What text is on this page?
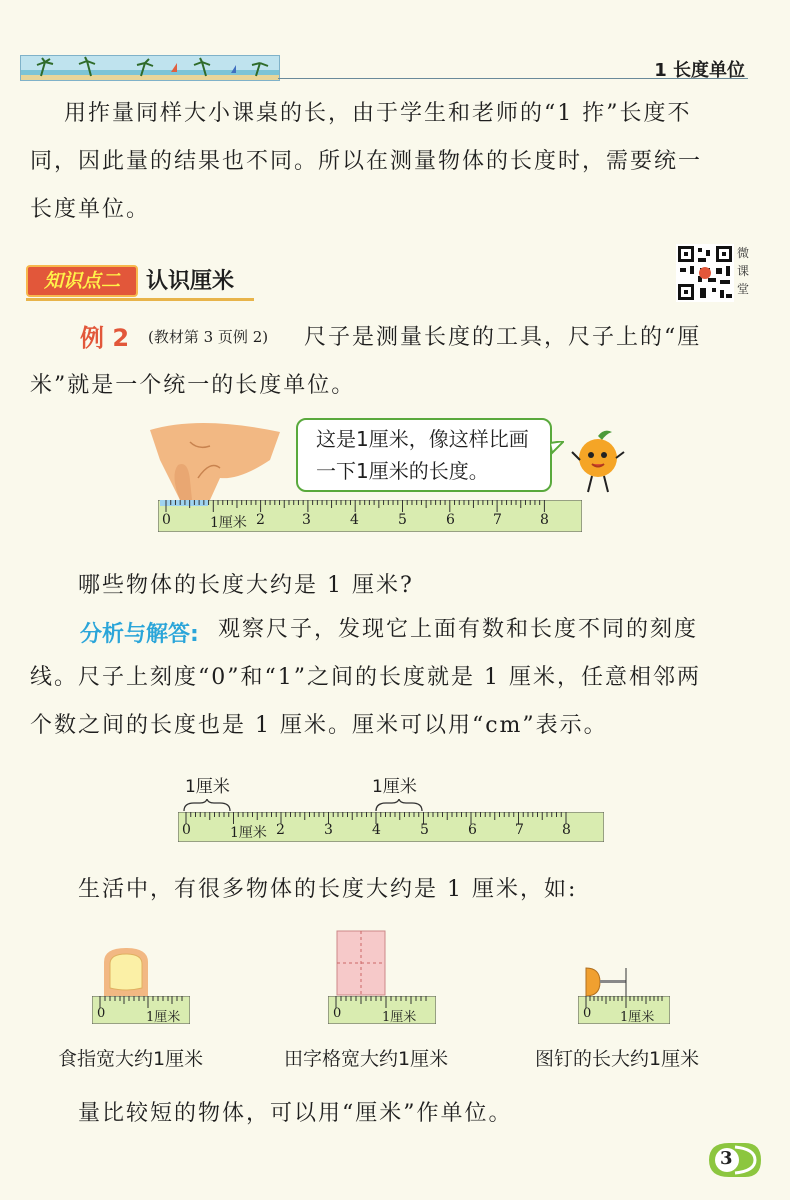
1 长度单位
用拃量同样大小课桌的长，由于学生和老师的“1 拃”长度不
同，因此量的结果也不同。所以在测量物体的长度时，需要统一
长度单位。
知识点二	认识厘米
微课堂
例 2 (教材第 3 页例 2) 尺子是测量长度的工具，尺子上的“厘
米”就是一个统一的长度单位。
这是1厘米，像这样比画
一下1厘米的长度。
0	1厘米 2	3	4	5	6	7	8
哪些物体的长度大约是 1 厘米?
分析与解答: 观察尺子，发现它上面有数和长度不同的刻度
线。尺子上刻度“0”和“1”之间的长度就是 1 厘米，任意相邻两
个数之间的长度也是 1 厘米。厘米可以用“cm”表示。
1厘米	1厘米
0	1厘米 2	3	4	5	6	7	8
生活中，有很多物体的长度大约是 1 厘米，如:
0	1厘米
食指宽大约1厘米
0	1厘米
田字格宽大约1厘米
0 1厘米
图钉的长大约1厘米
量比较短的物体，可以用“厘米”作单位。
3
